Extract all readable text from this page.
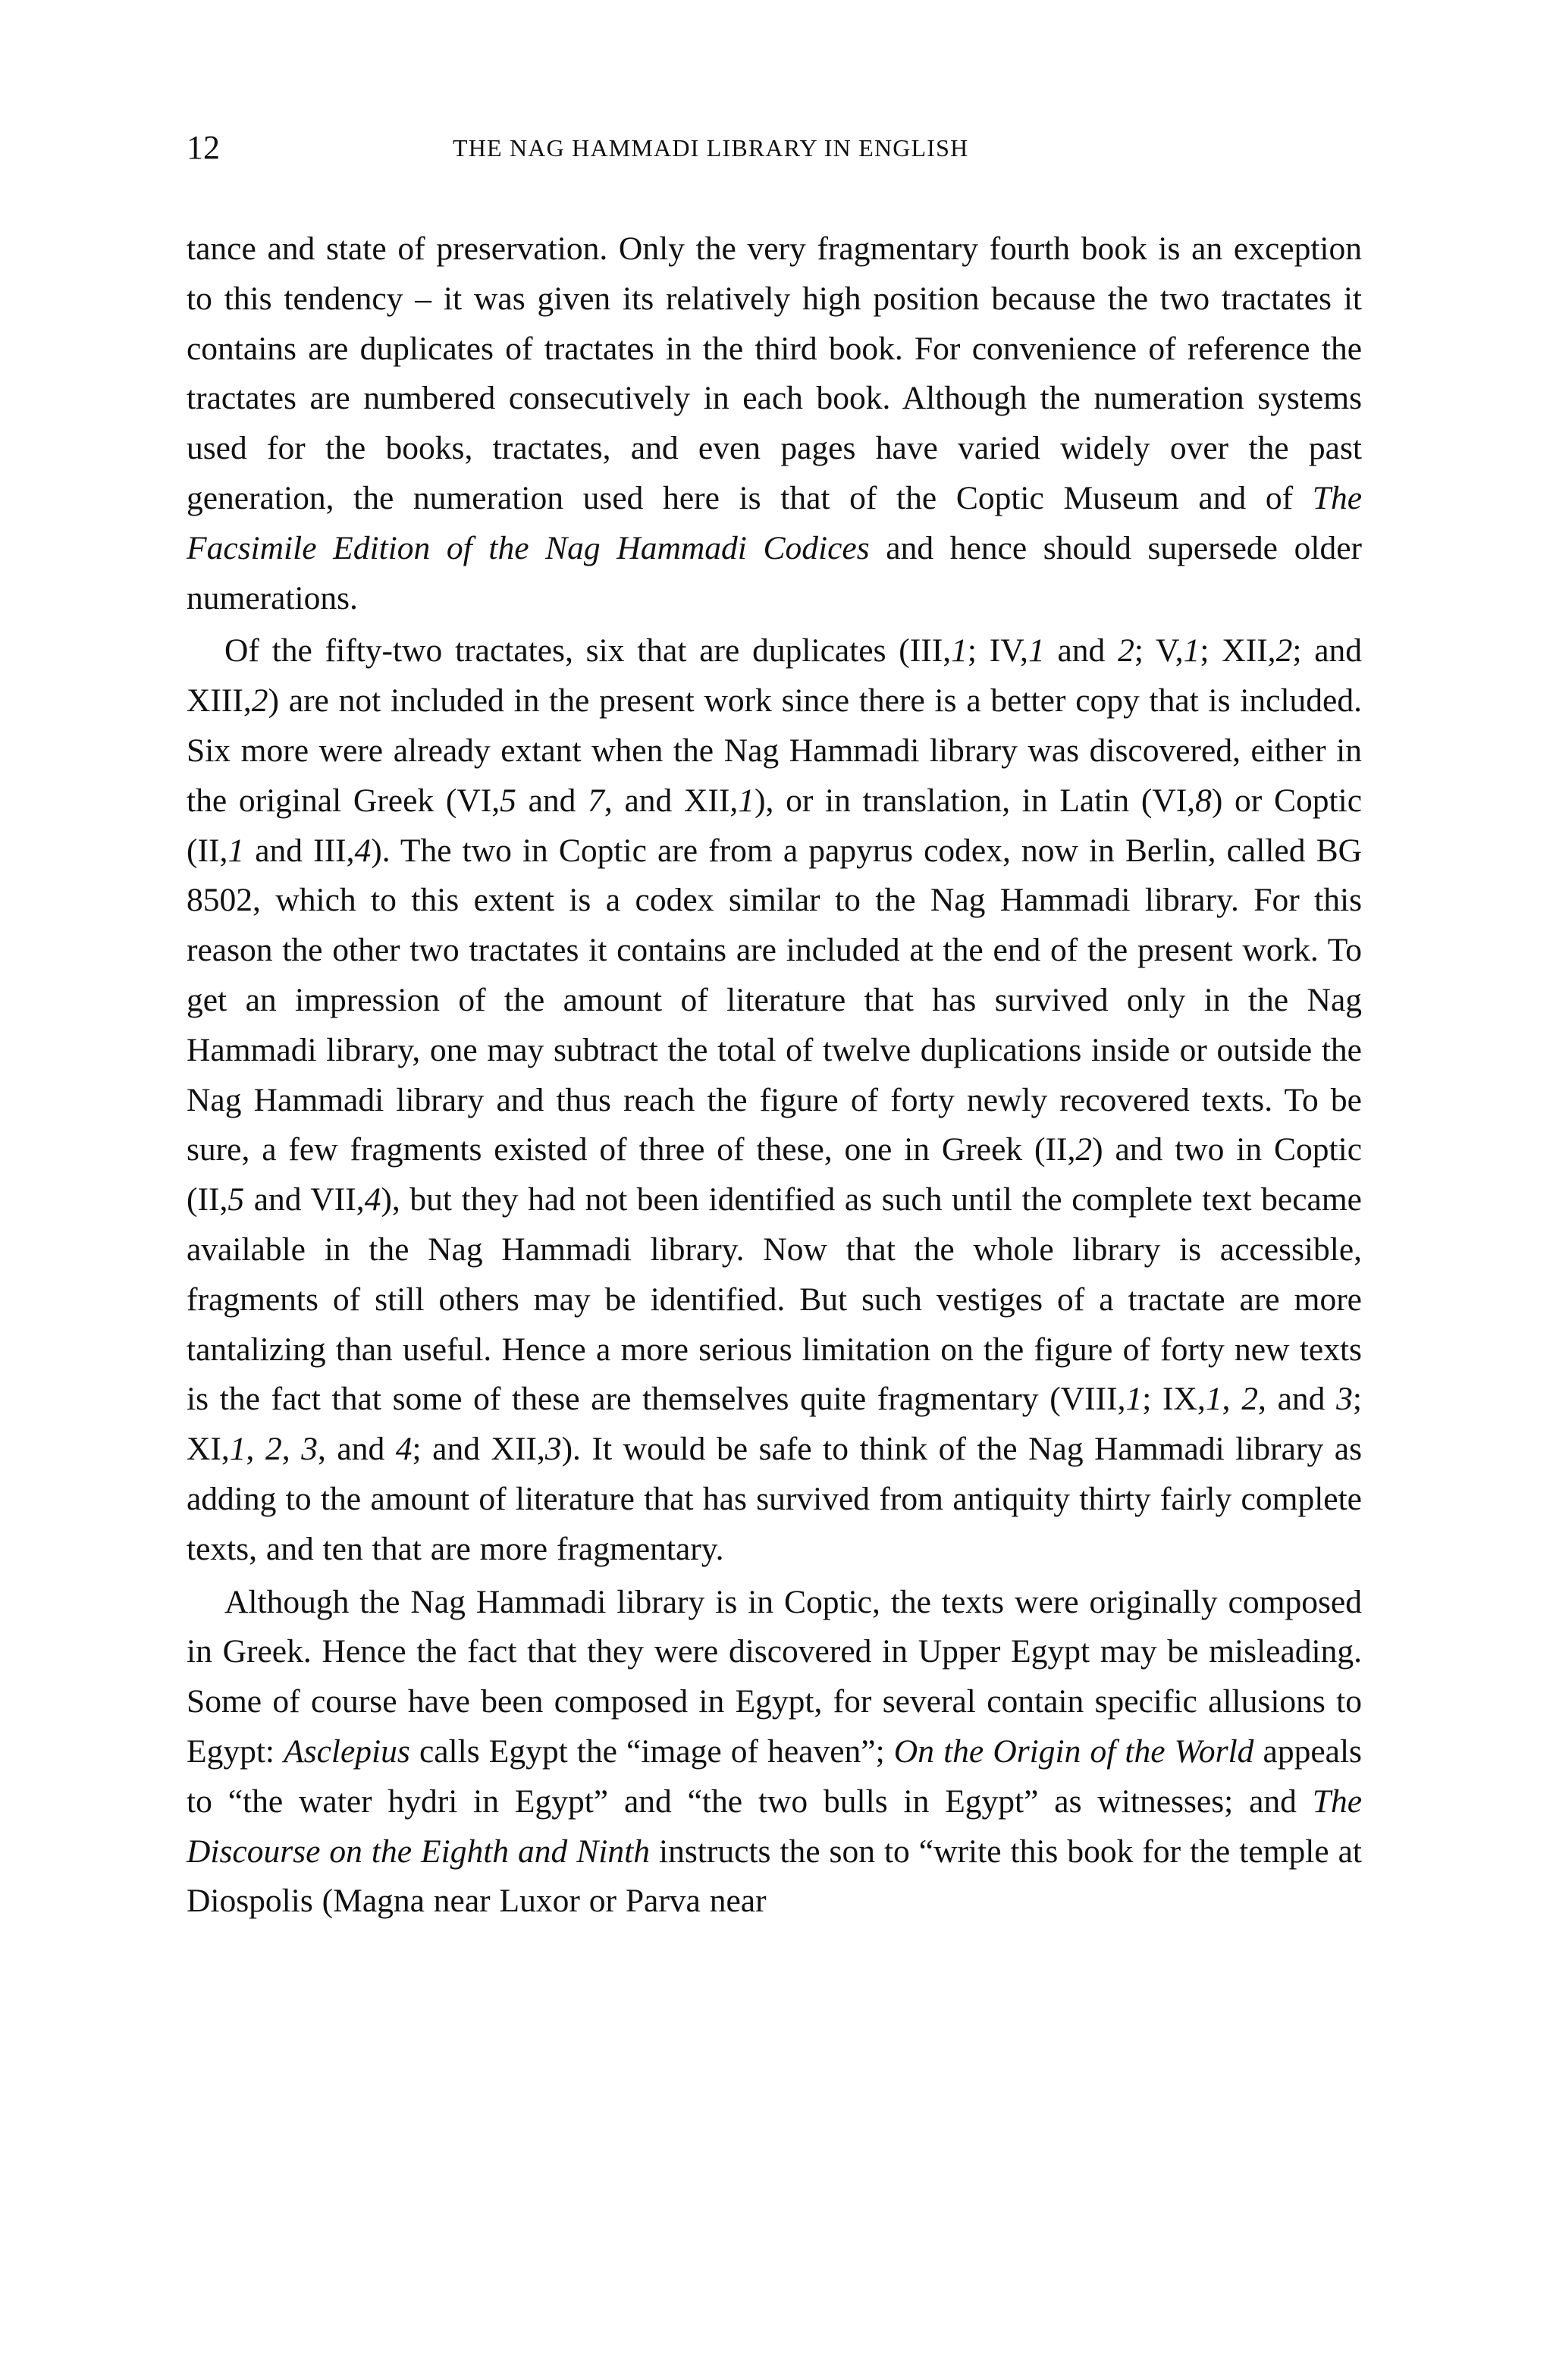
12	THE NAG HAMMADI LIBRARY IN ENGLISH

tance and state of preservation. Only the very fragmentary fourth book is an exception to this tendency – it was given its relatively high position because the two tractates it contains are duplicates of tractates in the third book. For convenience of reference the tractates are numbered consecutively in each book. Although the numeration systems used for the books, tractates, and even pages have varied widely over the past generation, the numeration used here is that of the Coptic Museum and of The Facsimile Edition of the Nag Hammadi Codices and hence should supersede older numerations.

Of the fifty-two tractates, six that are duplicates (III,1; IV,1 and 2; V,1; XII,2; and XIII,2) are not included in the present work since there is a better copy that is included. Six more were already extant when the Nag Hammadi library was discovered, either in the original Greek (VI,5 and 7, and XII,1), or in translation, in Latin (VI,8) or Coptic (II,1 and III,4). The two in Coptic are from a papyrus codex, now in Berlin, called BG 8502, which to this extent is a codex similar to the Nag Hammadi library. For this reason the other two tractates it contains are included at the end of the present work. To get an impression of the amount of literature that has survived only in the Nag Hammadi library, one may subtract the total of twelve duplications inside or outside the Nag Hammadi library and thus reach the figure of forty newly recovered texts. To be sure, a few fragments existed of three of these, one in Greek (II,2) and two in Coptic (II,5 and VII,4), but they had not been identified as such until the complete text became available in the Nag Hammadi library. Now that the whole library is accessible, fragments of still others may be identified. But such vestiges of a tractate are more tantalizing than useful. Hence a more serious limitation on the figure of forty new texts is the fact that some of these are themselves quite fragmentary (VIII,1; IX,1, 2, and 3; XI,1, 2, 3, and 4; and XII,3). It would be safe to think of the Nag Hammadi library as adding to the amount of literature that has survived from antiquity thirty fairly complete texts, and ten that are more fragmentary.

Although the Nag Hammadi library is in Coptic, the texts were originally composed in Greek. Hence the fact that they were discovered in Upper Egypt may be misleading. Some of course have been composed in Egypt, for several contain specific allusions to Egypt: Asclepius calls Egypt the “image of heaven”; On the Origin of the World appeals to “the water hydri in Egypt” and “the two bulls in Egypt” as witnesses; and The Discourse on the Eighth and Ninth instructs the son to “write this book for the temple at Diospolis (Magna near Luxor or Parva near
